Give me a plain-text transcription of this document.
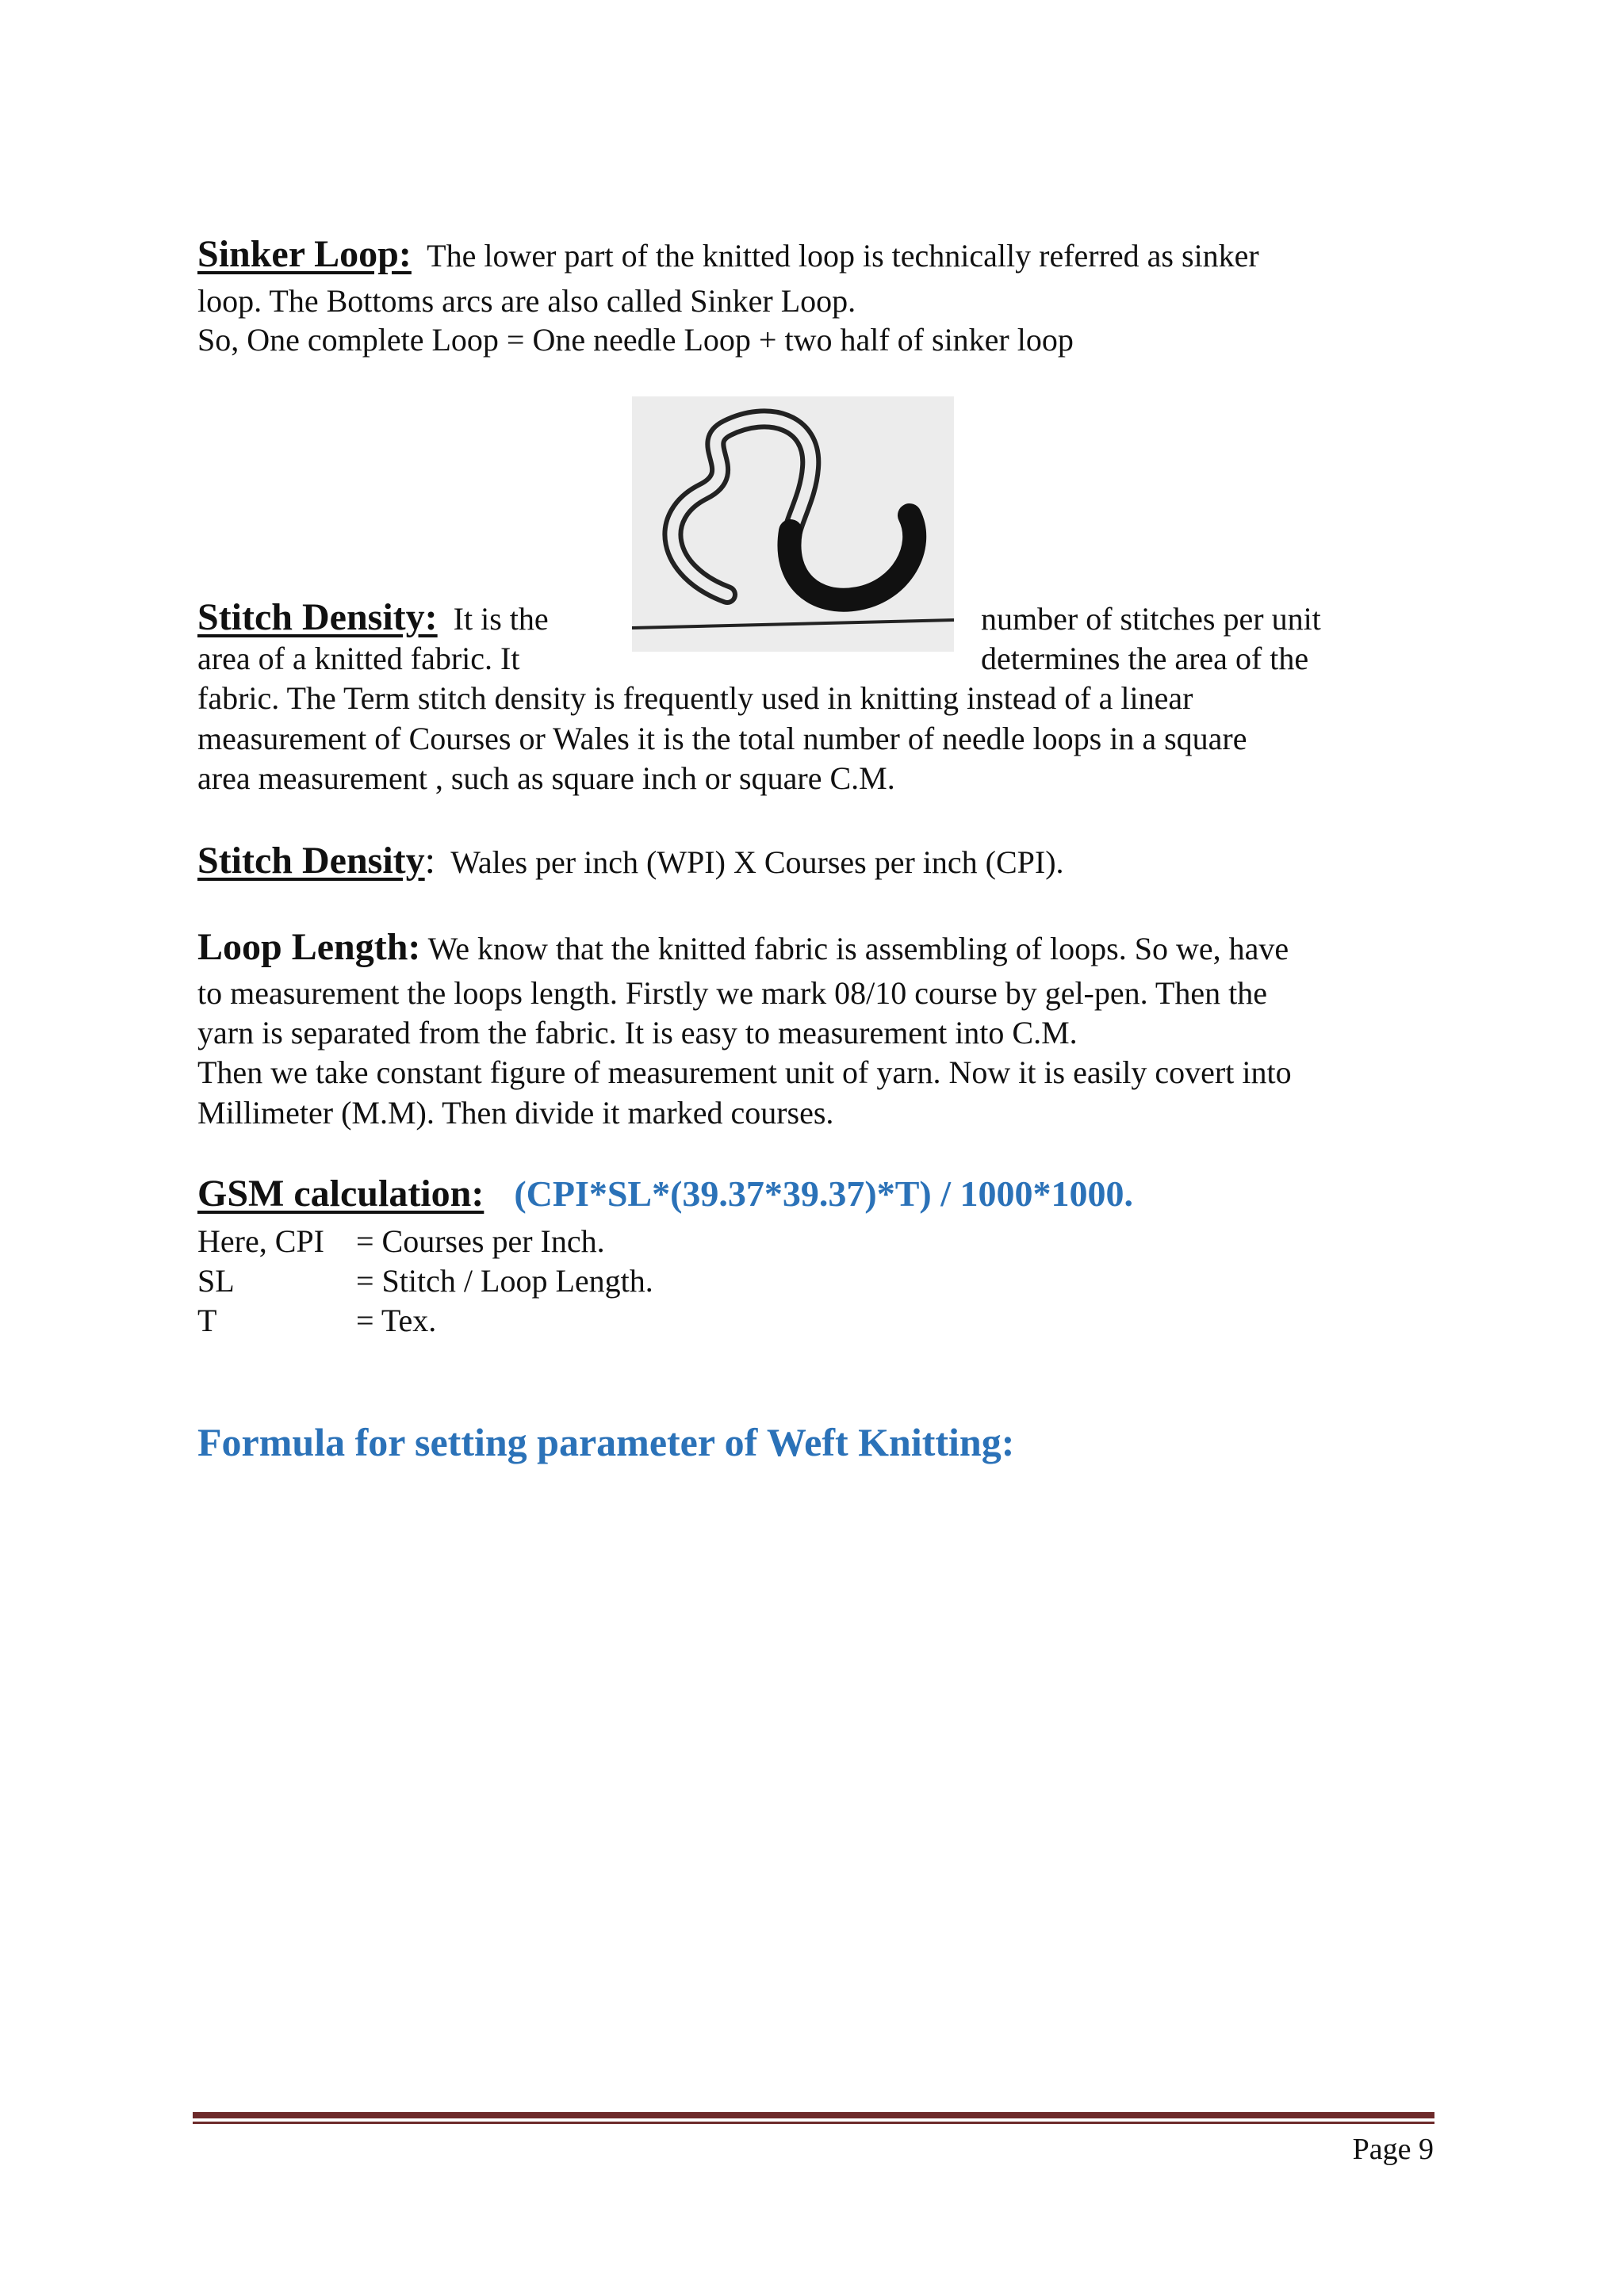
Sinker Loop: The lower part of the knitted loop is technically referred as sinker
loop. The Bottoms arcs are also called Sinker Loop.
So, One complete Loop = One needle Loop + two half of sinker loop
Stitch Density: It is the	number of stitches per unit
area of a knitted fabric. It	determines the area of the
fabric. The Term stitch density is frequently used in knitting instead of a linear
measurement of Courses or Wales it is the total number of needle loops in a square
area measurement , such as square inch or square C.M.
Stitch Density: Wales per inch (WPI) X Courses per inch (CPI).
Loop Length: We know that the knitted fabric is assembling of loops. So we, have
to measurement the loops length. Firstly we mark 08/10 course by gel-pen. Then the
yarn is separated from the fabric. It is easy to measurement into C.M.
Then we take constant figure of measurement unit of yarn. Now it is easily covert into
Millimeter (M.M). Then divide it marked courses.
GSM calculation: (CPI*SL*(39.37*39.37)*T) / 1000*1000.
Here, CPI = Courses per Inch.
SL	= Stitch / Loop Length.
T	= Tex.
Formula for setting parameter of Weft Knitting:
Page 9
